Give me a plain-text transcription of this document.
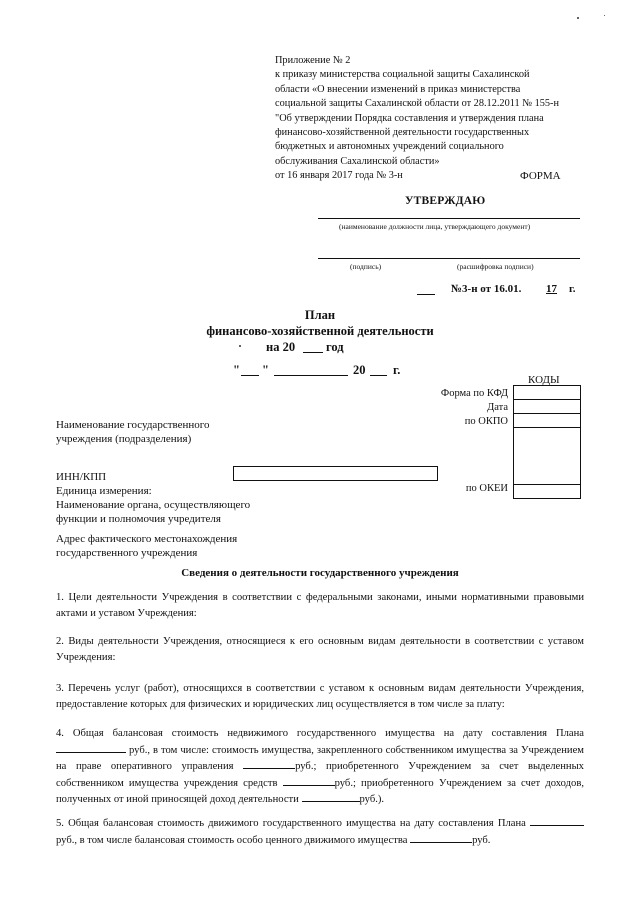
Приложение № 2
к приказу министерства социальной защиты Сахалинской
области «О внесении изменений в приказ министерства
социальной защиты Сахалинской области от 28.12.2011 № 155-н
"Об утверждении Порядка составления и утверждения плана
финансово-хозяйственной деятельности государственных
бюджетных и автономных учреждений социального
обслуживания Сахалинской области»
от 16 января 2017 года № 3-н	ФОРМА
УТВЕРЖДАЮ
(наименование должности лица, утверждающего документ)
(подпись)	(расшифровка подписи)
№3-н от 16.01. 17 г.
План
финансово-хозяйственной деятельности
на 20 год
" "	20 г.
КОДЫ
Форма по КФД
Дата
по ОКПО
по ОКЕИ

Наименование государственного учреждения (подразделения)
ИНН/КПП
Единица измерения:
Наименование органа, осуществляющего функции и полномочия учредителя
Адрес фактического местонахождения государственного учреждения
Сведения о деятельности государственного учреждения
1. Цели деятельности Учреждения в соответствии с федеральными законами, иными нормативными правовыми актами и уставом Учреждения:
2. Виды деятельности Учреждения, относящиеся к его основным видам деятельности в соответствии с уставом Учреждения:
3. Перечень услуг (работ), относящихся в соответствии с уставом к основным видам деятельности Учреждения, предоставление которых для физических и юридических лиц осуществляется в том числе за плату:
4. Общая балансовая стоимость недвижимого государственного имущества на дату составления Плана  руб., в том числе: стоимость имущества, закрепленного собственником имущества за Учреждением на праве оперативного управления	руб.; приобретенного Учреждением за счет выделенных собственником имущества учреждения средств	руб.; приобретенного Учреждением за счет доходов, полученных от иной приносящей доход деятельности	руб.).
5. Общая балансовая стоимость движимого государственного имущества на дату составления Плана руб., в том числе балансовая стоимость особо ценного движимого имущества	руб.
